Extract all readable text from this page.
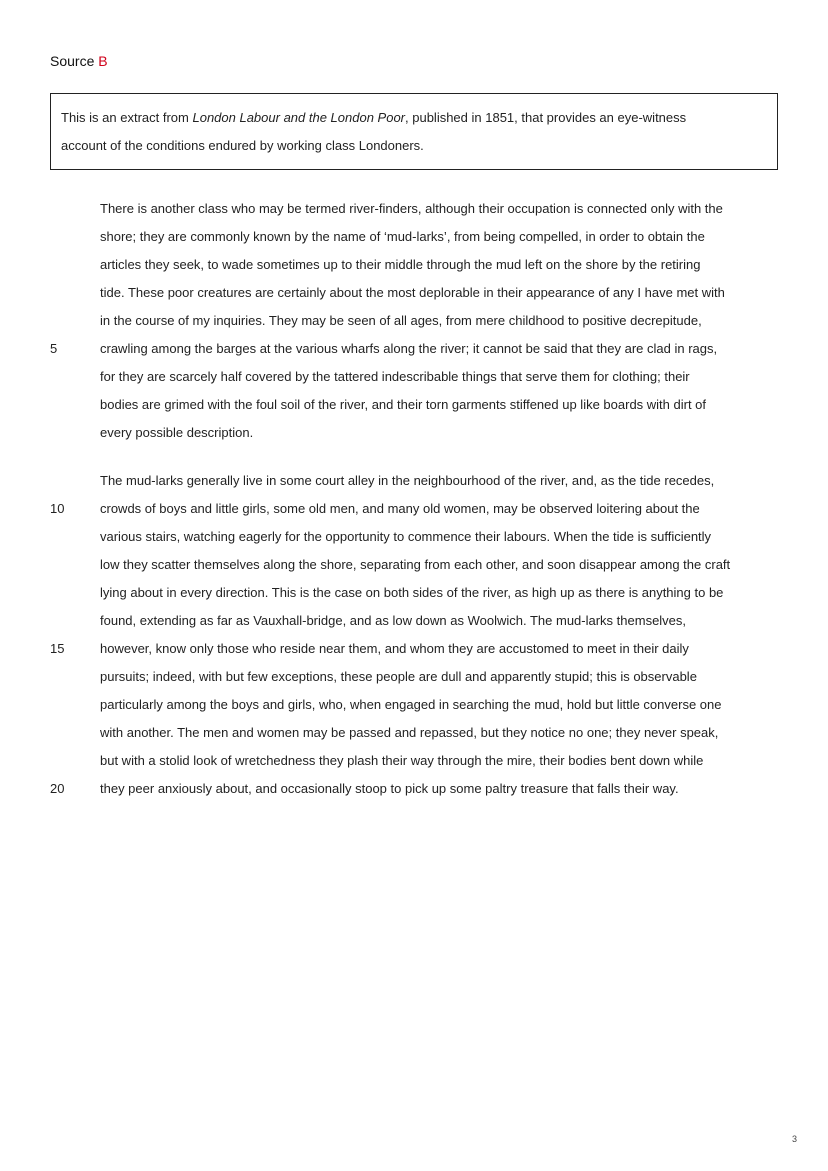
Source B
This is an extract from London Labour and the London Poor, published in 1851, that provides an eye-witness
account of the conditions endured by working class Londoners.
There is another class who may be termed river-finders, although their occupation is connected only with the
shore; they are commonly known by the name of ‘mud-larks’, from being compelled, in order to obtain the
articles they seek, to wade sometimes up to their middle through the mud left on the shore by the retiring
tide. These poor creatures are certainly about the most deplorable in their appearance of any I have met with
in the course of my inquiries. They may be seen of all ages, from mere childhood to positive decrepitude,
crawling among the barges at the various wharfs along the river; it cannot be said that they are clad in rags,
for they are scarcely half covered by the tattered indescribable things that serve them for clothing; their
bodies are grimed with the foul soil of the river, and their torn garments stiffened up like boards with dirt of
every possible description.
The mud-larks generally live in some court alley in the neighbourhood of the river, and, as the tide recedes,
crowds of boys and little girls, some old men, and many old women, may be observed loitering about the
various stairs, watching eagerly for the opportunity to commence their labours. When the tide is sufficiently
low they scatter themselves along the shore, separating from each other, and soon disappear among the craft
lying about in every direction. This is the case on both sides of the river, as high up as there is anything to be
found, extending as far as Vauxhall-bridge, and as low down as Woolwich. The mud-larks themselves,
however, know only those who reside near them, and whom they are accustomed to meet in their daily
pursuits; indeed, with but few exceptions, these people are dull and apparently stupid; this is observable
particularly among the boys and girls, who, when engaged in searching the mud, hold but little converse one
with another. The men and women may be passed and repassed, but they notice no one; they never speak,
but with a stolid look of wretchedness they plash their way through the mire, their bodies bent down while
they peer anxiously about, and occasionally stoop to pick up some paltry treasure that falls their way.
5
10
15
20
3
